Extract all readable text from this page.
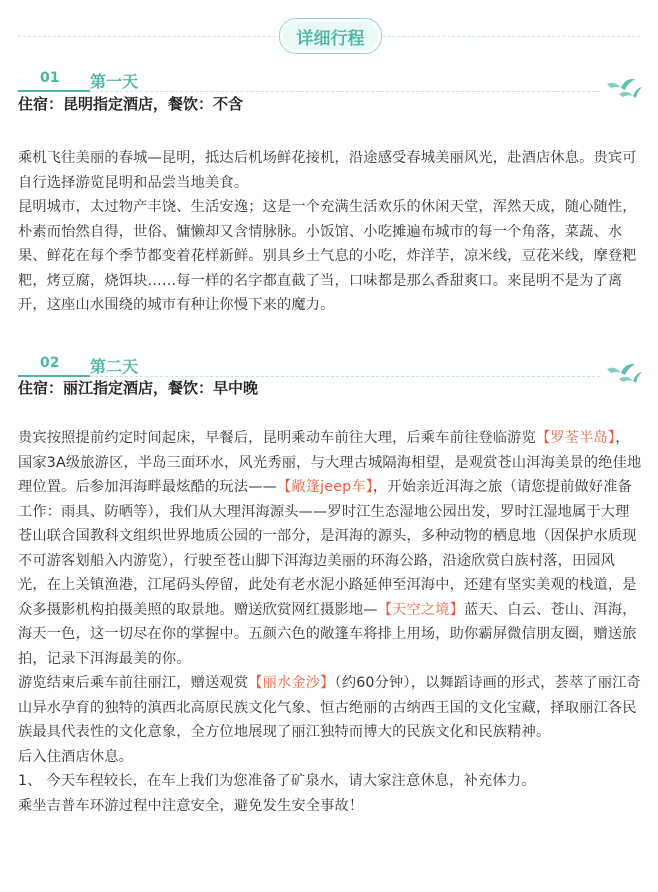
详细行程
01 第一天
住宿：昆明指定酒店，餐饮：不含

乘机飞往美丽的春城—昆明，抵达后机场鲜花接机，沿途感受春城美丽风光，赴酒店休息。贵宾可自行选择游览昆明和品尝当地美食。

昆明城市，太过物产丰饶、生活安逸；这是一个充满生活欢乐的休闲天堂，浑然天成，随心随性，朴素而怡然自得，世俗、慵懒却又含情脉脉。小饭馆、小吃摊遍布城市的每一个角落，菜蔬、水果、鲜花在每个季节都变着花样新鲜。别具乡土气息的小吃，炸洋芋，凉米线，豆花米线，摩登粑粑，烤豆腐，烧饵块……每一样的名字都直截了当，口味都是那么香甜爽口。来昆明不是为了离开，这座山水围绕的城市有种让你慢下来的魔力。

02 第二天
住宿：丽江指定酒店，餐饮：早中晚

贵宾按照提前约定时间起床，早餐后，昆明乘动车前往大理，后乘车前往登临游览【罗荃半岛】，国家3A级旅游区，半岛三面环水，风光秀丽，与大理古城隔海相望，是观赏苍山洱海美景的绝佳地理位置。后参加洱海畔最炫酷的玩法——【敞篷jeep车】，开始亲近洱海之旅（请您提前做好准备工作：雨具、防晒等），我们从大理洱海源头——罗时江生态湿地公园出发，罗时江湿地属于大理苍山联合国教科文组织世界地质公园的一部分，是洱海的源头，多种动物的栖息地（因保护水质现不可游客划船入内游览），行驶至苍山脚下洱海边美丽的环海公路，沿途欣赏白族村落，田园风光，在上关镇渔港，江尾码头停留，此处有老水泥小路延伸至洱海中，还建有坚实美观的栈道，是众多摄影机构拍摄美照的取景地。赠送欣赏网红摄影地—【天空之境】蓝天、白云、苍山、洱海，海天一色，这一切尽在你的掌握中。五颜六色的敞篷车将排上用场，助你霸屏微信朋友圈，赠送旅拍，记录下洱海最美的你。

游览结束后乘车前往丽江，赠送观赏【丽水金沙】（约60分钟），以舞蹈诗画的形式，荟萃了丽江奇山异水孕育的独特的滇西北高原民族文化气象、恒古绝丽的古纳西王国的文化宝藏，择取丽江各民族最具代表性的文化意象，全方位地展现了丽江独特而博大的民族文化和民族精神。

后入住酒店休息。

1、 今天车程较长，在车上我们为您准备了矿泉水，请大家注意休息，补充体力。

乘坐吉普车环游过程中注意安全，避免发生安全事故！
